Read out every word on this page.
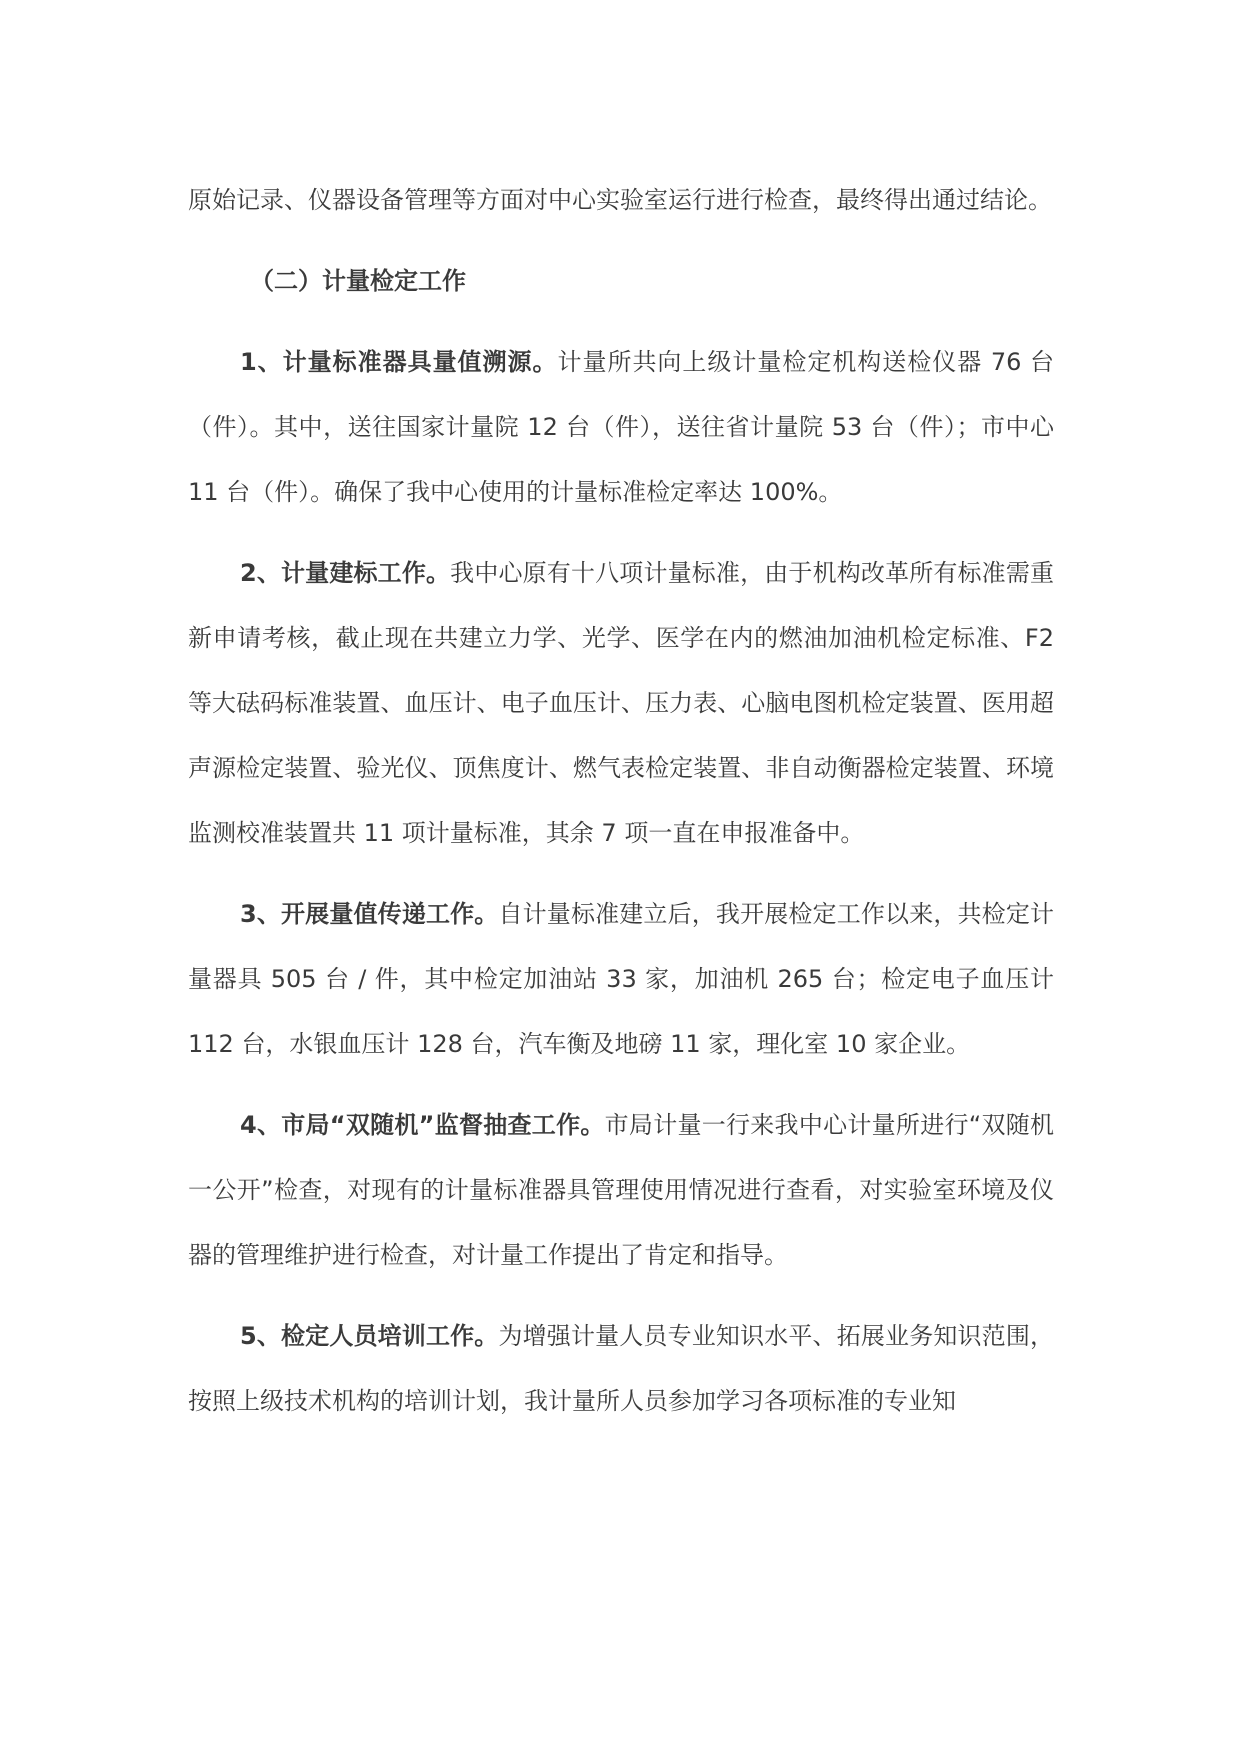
原始记录、仪器设备管理等方面对中心实验室运行进行检查，最终得出通过结论。

（二）计量检定工作

1、计量标准器具量值溯源。计量所共向上级计量检定机构送检仪器 76 台（件）。其中，送往国家计量院 12 台（件），送往省计量院 53 台（件）；市中心 11 台（件）。确保了我中心使用的计量标准检定率达 100%。

2、计量建标工作。我中心原有十八项计量标准，由于机构改革所有标准需重新申请考核，截止现在共建立力学、光学、医学在内的燃油加油机检定标准、F2 等大砝码标准装置、血压计、电子血压计、压力表、心脑电图机检定装置、医用超声源检定装置、验光仪、顶焦度计、燃气表检定装置、非自动衡器检定装置、环境监测校准装置共 11 项计量标准，其余 7 项一直在申报准备中。

3、开展量值传递工作。自计量标准建立后，我开展检定工作以来，共检定计量器具 505 台 / 件，其中检定加油站 33 家，加油机 265 台；检定电子血压计 112 台，水银血压计 128 台，汽车衡及地磅 11 家，理化室 10 家企业。

4、市局“双随机”监督抽查工作。市局计量一行来我中心计量所进行“双随机一公开”检查，对现有的计量标准器具管理使用情况进行查看，对实验室环境及仪器的管理维护进行检查，对计量工作提出了肯定和指导。

5、检定人员培训工作。为增强计量人员专业知识水平、拓展业务知识范围，按照上级技术机构的培训计划，我计量所人员参加学习各项标准的专业知
